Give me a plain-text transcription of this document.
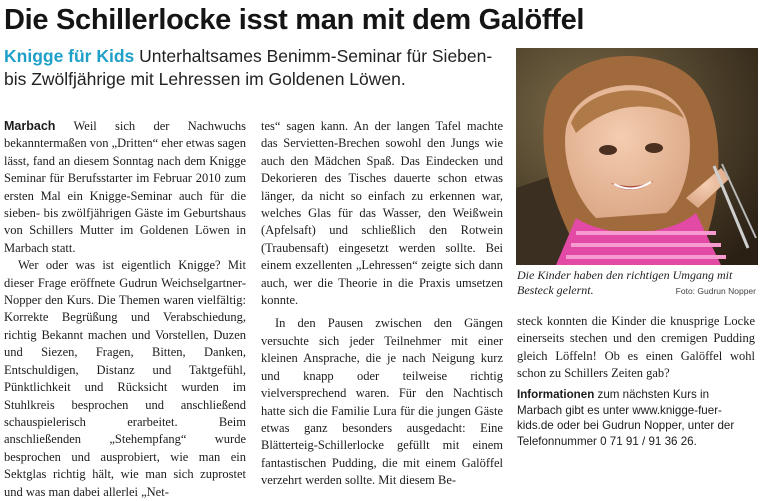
Die Schillerlocke isst man mit dem Galöffel
Knigge für Kids Unterhaltsames Benimm-Seminar für Sieben- bis Zwölfjährige mit Lehressen im Goldenen Löwen.

Marbach Weil sich der Nachwuchs bekanntermaßen von „Dritten“ eher etwas sagen lässt, fand an diesem Sonntag nach dem Knigge Seminar für Berufsstarter im Februar 2010 zum ersten Mal ein Knigge-Seminar auch für die sieben- bis zwölfjährigen Gäste im Geburtshaus von Schillers Mutter im Goldenen Löwen in Marbach statt.

Wer oder was ist eigentlich Knigge? Mit dieser Frage eröffnete Gudrun Weichselgartner-Nopper den Kurs. Die Themen waren vielfältig: Korrekte Begrüßung und Verabschiedung, richtig Bekannt machen und Vorstellen, Duzen und Siezen, Fragen, Bitten, Danken, Entschuldigen, Distanz und Taktgefühl, Pünktlichkeit und Rücksicht wurden im Stuhlkreis besprochen und anschließend schauspielerisch erarbeitet. Beim anschließenden „Stehempfang“ wurde besprochen und ausprobiert, wie man ein Sektglas richtig hält, wie man sich zuprostet und was man dabei allerlei „Net-

tes“ sagen kann. An der langen Tafel machte das Servietten-Brechen sowohl den Jungs wie auch den Mädchen Spaß. Das Eindecken und Dekorieren des Tisches dauerte schon etwas länger, da nicht so einfach zu erkennen war, welches Glas für das Wasser, den Weißwein (Apfelsaft) und schließlich den Rotwein (Traubensaft) eingesetzt werden sollte. Bei einem exzellenten „Lehressen“ zeigte sich dann auch, wer die Theorie in die Praxis umsetzen konnte.

In den Pausen zwischen den Gängen versuchte sich jeder Teilnehmer mit einer kleinen Ansprache, die je nach Neigung kurz und knapp oder teilweise richtig vielversprechend waren. Für den Nachtisch hatte sich die Familie Lura für die jungen Gäste etwas ganz besonders ausgedacht: Eine Blätterteig-Schillerlocke gefüllt mit einem fantastischen Pudding, die mit einem Galöffel verzehrt werden sollte. Mit diesem Be-

Die Kinder haben den richtigen Umgang mit Besteck gelernt.	Foto: Gudrun Nopper

steck konnten die Kinder die knusprige Locke einerseits stechen und den cremigen Pudding gleich Löffeln! Ob es einen Galöffel wohl schon zu Schillers Zeiten gab?

Informationen zum nächsten Kurs in Marbach gibt es unter www.knigge-fuer-kids.de oder bei Gudrun Nopper, unter der Telefonnummer 0 71 91 / 91 36 26.
